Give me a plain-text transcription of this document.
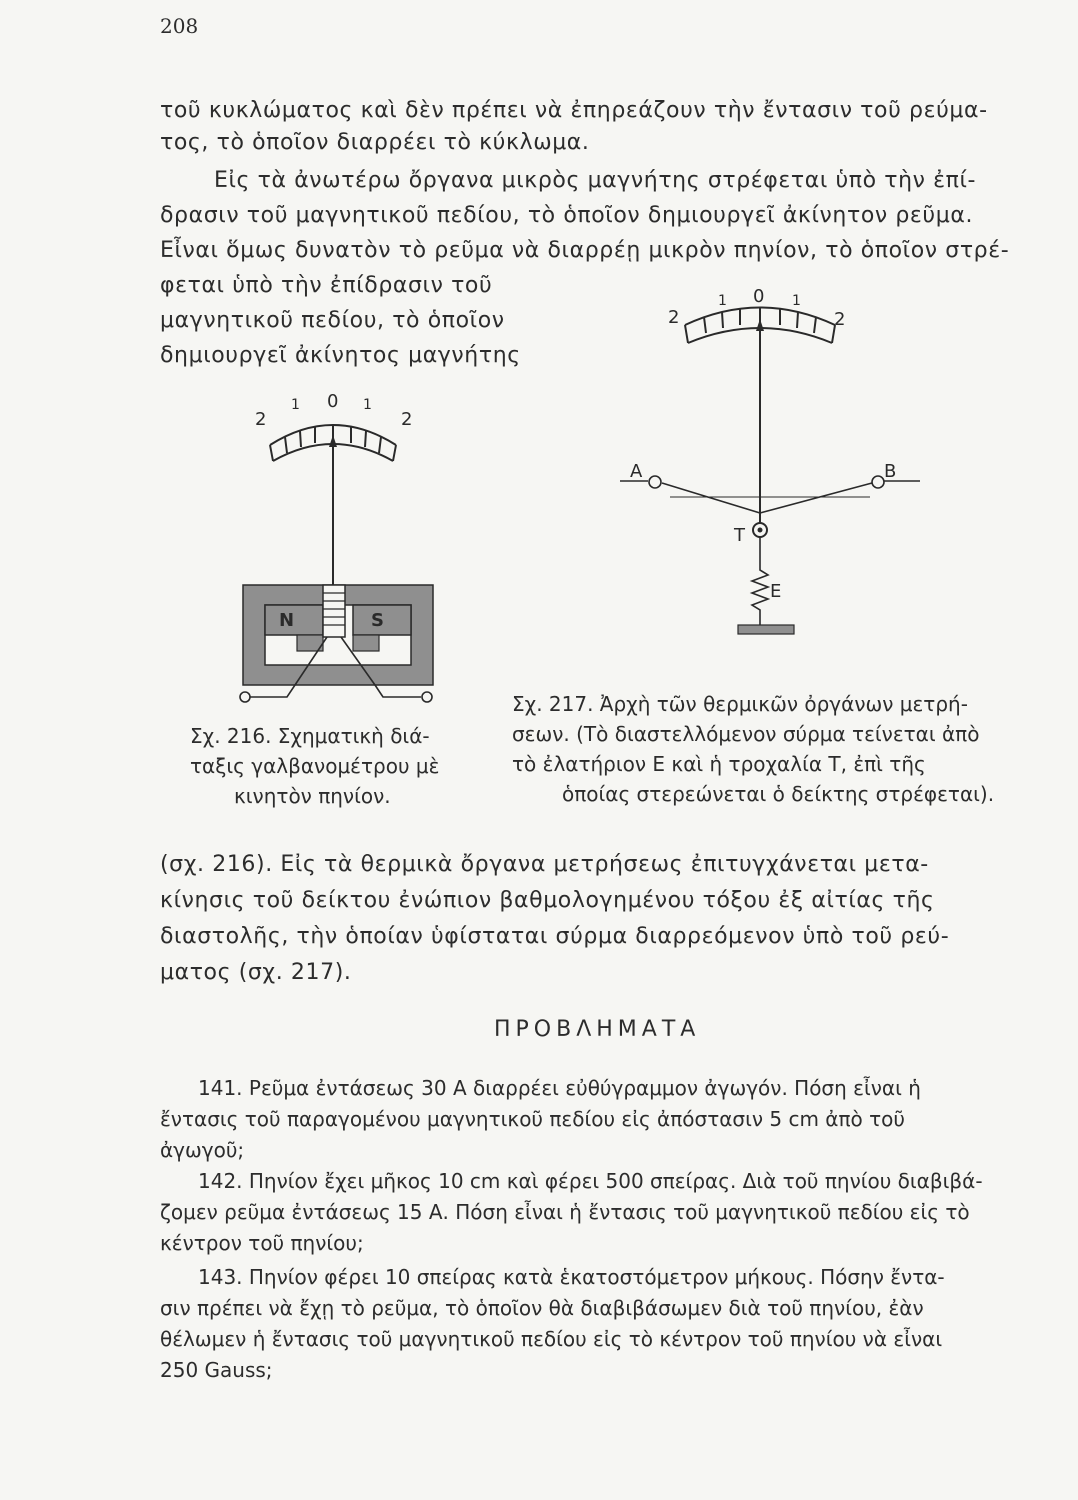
208
τοῦ κυκλώματος καὶ δὲν πρέπει νὰ ἐπηρεάζουν τὴν ἔντασιν τοῦ ρεύμα-
τος, τὸ ὁποῖον διαρρέει τὸ κύκλωμα.
Εἰς τὰ ἀνωτέρω ὄργανα μικρὸς μαγνήτης στρέφεται ὑπὸ τὴν ἐπί-
δρασιν τοῦ μαγνητικοῦ πεδίου, τὸ ὁποῖον δημιουργεῖ ἀκίνητον ρεῦμα.
Εἶναι ὅμως δυνατὸν τὸ ρεῦμα νὰ διαρρέῃ μικρὸν πηνίον, τὸ ὁποῖον στρέ-
φεται ὑπὸ τὴν ἐπίδρασιν τοῦ
μαγνητικοῦ πεδίου, τὸ ὁποῖον
δημιουργεῖ ἀκίνητος μαγνήτης
2
1 0 1
2
N	S
2
1 0 1
2
A	B
T
E
Σχ. 216. Σχηματικὴ διά-
ταξις γαλβανομέτρου μὲ
κινητὸν πηνίον.
Σχ. 217. Ἀρχὴ τῶν θερμικῶν ὀργάνων μετρή-
σεων. (Τὸ διαστελλόμενον σύρμα τείνεται ἀπὸ
τὸ ἐλατήριον Ε καὶ ἡ τροχαλία Τ, ἐπὶ τῆς
ὁποίας στερεώνεται ὁ δείκτης στρέφεται).
(σχ. 216). Εἰς τὰ θερμικὰ ὄργανα μετρήσεως ἐπιτυγχάνεται μετα-
κίνησις τοῦ δείκτου ἐνώπιον βαθμολογημένου τόξου ἐξ αἰτίας τῆς
διαστολῆς, τὴν ὁποίαν ὑφίσταται σύρμα διαρρεόμενον ὑπὸ τοῦ ρεύ-
ματος (σχ. 217).
ΠΡΟΒΛΗΜΑΤΑ
141. Ρεῦμα ἐντάσεως 30 Α διαρρέει εὐθύγραμμον ἀγωγόν. Πόση εἶναι ἡ
ἔντασις τοῦ παραγομένου μαγνητικοῦ πεδίου εἰς ἀπόστασιν 5 cm ἀπὸ τοῦ
ἀγωγοῦ;
142. Πηνίον ἔχει μῆκος 10 cm καὶ φέρει 500 σπείρας. Διὰ τοῦ πηνίου διαβιβά-
ζομεν ρεῦμα ἐντάσεως 15 Α. Πόση εἶναι ἡ ἔντασις τοῦ μαγνητικοῦ πεδίου εἰς τὸ
κέντρον τοῦ πηνίου;
143. Πηνίον φέρει 10 σπείρας κατὰ ἑκατοστόμετρον μήκους. Πόσην ἔντα-
σιν πρέπει νὰ ἔχῃ τὸ ρεῦμα, τὸ ὁποῖον θὰ διαβιβάσωμεν διὰ τοῦ πηνίου, ἐὰν
θέλωμεν ἡ ἔντασις τοῦ μαγνητικοῦ πεδίου εἰς τὸ κέντρον τοῦ πηνίου νὰ εἶναι
250 Gauss;
